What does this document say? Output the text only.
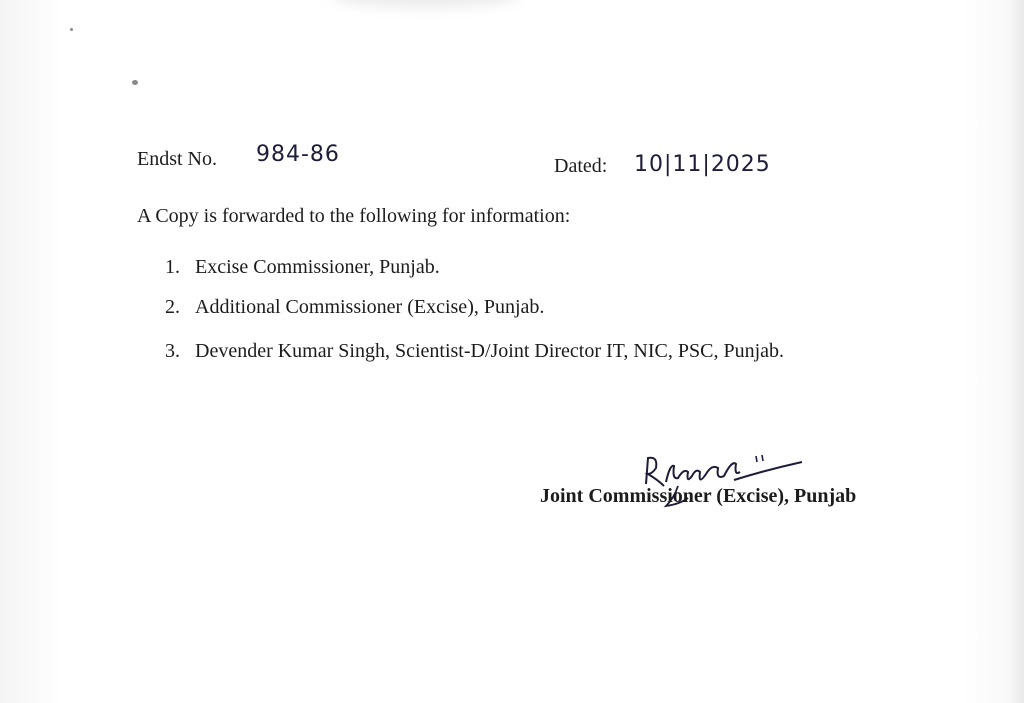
Endst No. 984-86	Dated: 10|11|2025
A Copy is forwarded to the following for information:
1. Excise Commissioner, Punjab.
2. Additional Commissioner (Excise), Punjab.
3. Devender Kumar Singh, Scientist-D/Joint Director IT, NIC, PSC, Punjab.
Joint Commissioner (Excise), Punjab
